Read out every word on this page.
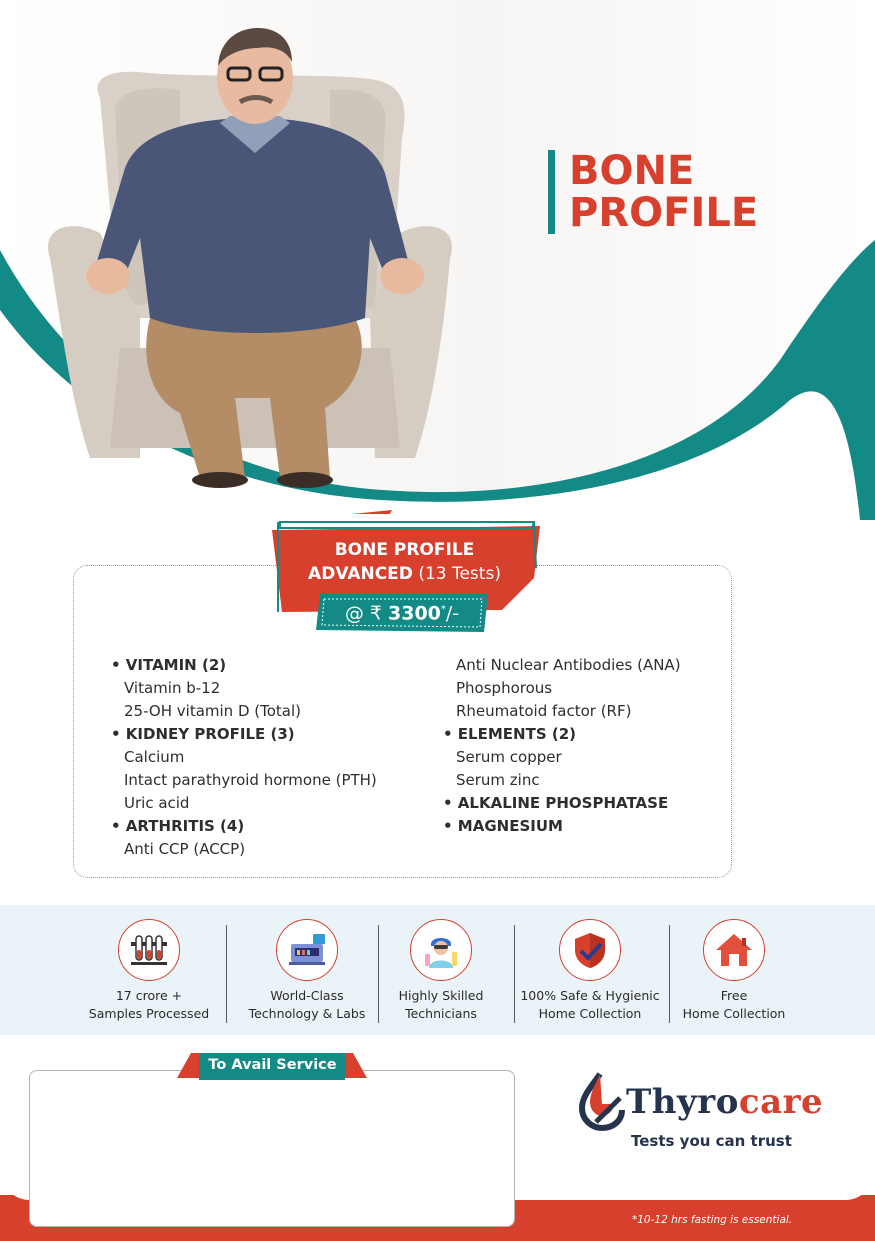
BONE
PROFILE
BONE PROFILE
ADVANCED (13 Tests)
@ ₹ 3300*/-
• VITAMIN (2)
Vitamin b-12
25-OH vitamin D (Total)
• KIDNEY PROFILE (3)
Calcium
Intact parathyroid hormone (PTH)
Uric acid
• ARTHRITIS (4)
Anti CCP (ACCP)
Anti Nuclear Antibodies (ANA)
Phosphorous
Rheumatoid factor (RF)
• ELEMENTS (2)
Serum copper
Serum zinc
• ALKALINE PHOSPHATASE
• MAGNESIUM
17 crore +
Samples Processed
World-Class
Technology & Labs
Highly Skilled
Technicians
100% Safe & Hygienic
Home Collection
Free
Home Collection
To Avail Service
Thyrocare
Tests you can trust
*10-12 hrs fasting is essential.
